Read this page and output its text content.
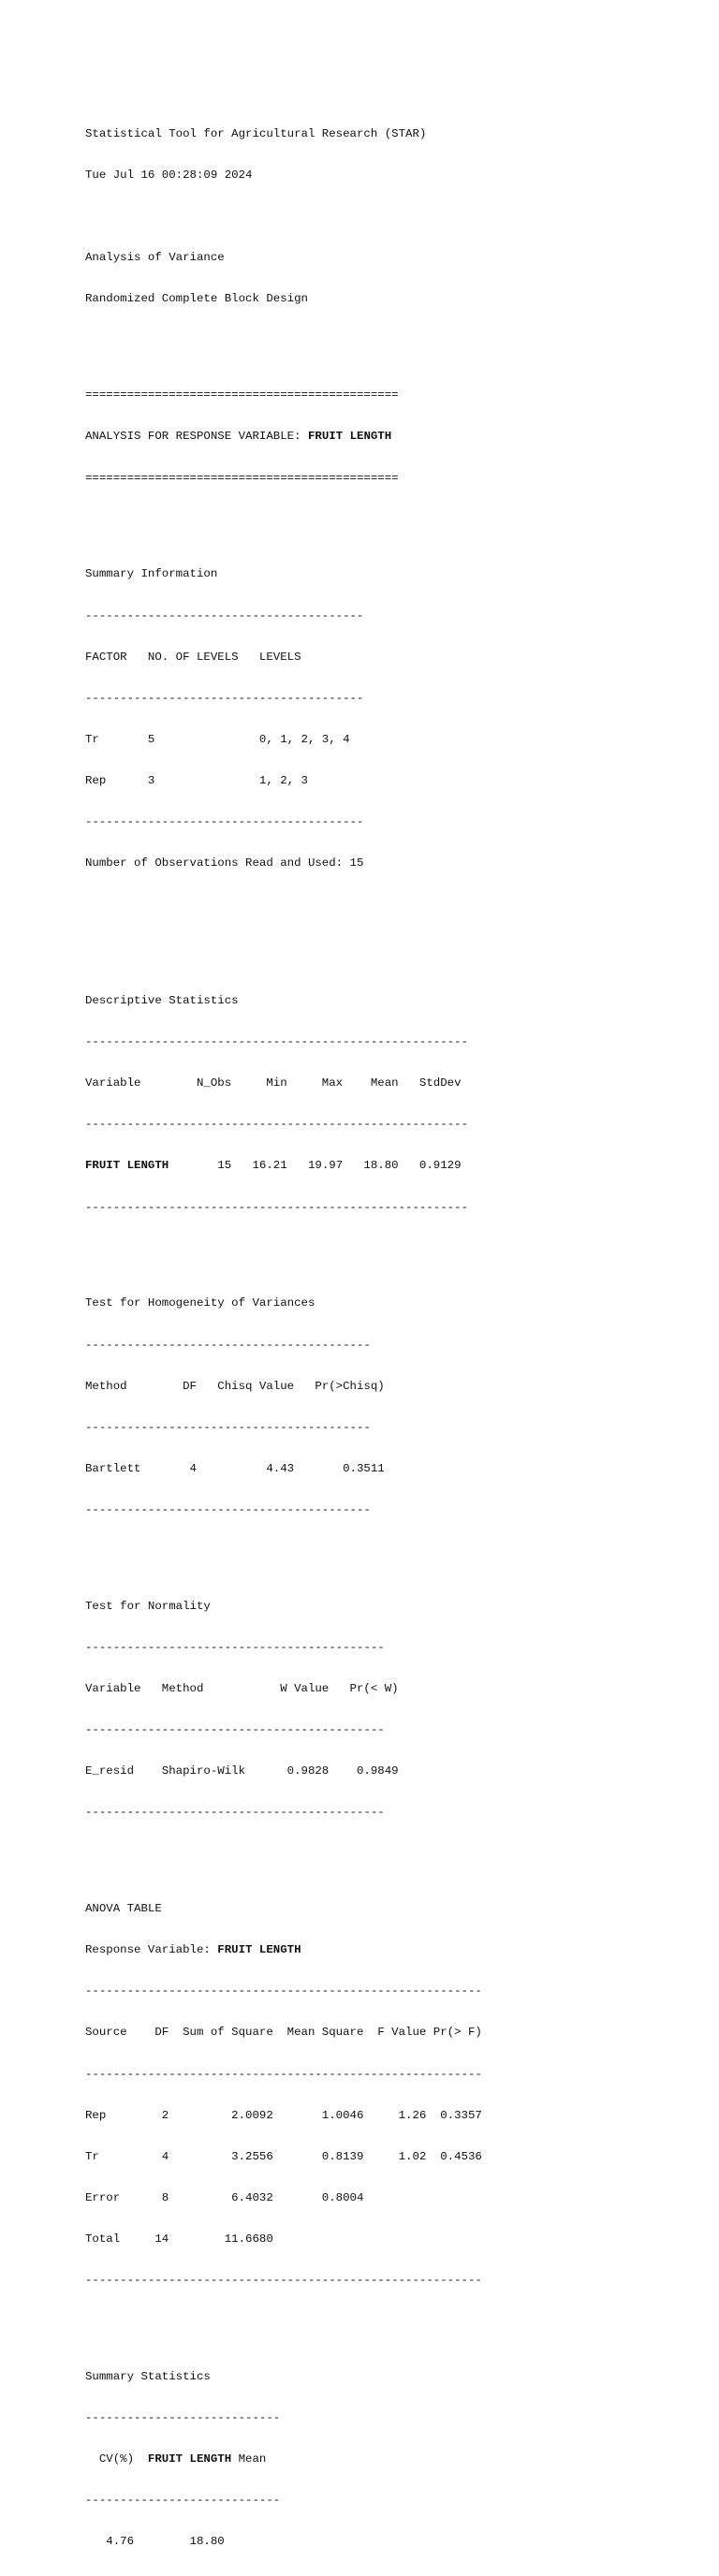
Statistical Tool for Agricultural Research (STAR)

Tue Jul 16 00:28:09 2024

Analysis of Variance

Randomized Complete Block Design

=============================================

ANALYSIS FOR RESPONSE VARIABLE: FRUIT LENGTH

=============================================

Summary Information

----------------------------------------

FACTOR   NO. OF LEVELS   LEVELS

----------------------------------------

Tr       5               0, 1, 2, 3, 4

Rep      3               1, 2, 3

----------------------------------------

Number of Observations Read and Used: 15

Descriptive Statistics

-------------------------------------------------------

Variable        N_Obs     Min     Max    Mean   StdDev

-------------------------------------------------------

FRUIT LENGTH       15   16.21   19.97   18.80   0.9129

-------------------------------------------------------

Test for Homogeneity of Variances

-----------------------------------------

Method        DF   Chisq Value   Pr(>Chisq)

-----------------------------------------

Bartlett       4          4.43       0.3511

-----------------------------------------

Test for Normality

-------------------------------------------

Variable   Method           W Value   Pr(< W)

-------------------------------------------

E_resid    Shapiro-Wilk      0.9828    0.9849

-------------------------------------------

ANOVA TABLE

Response Variable: FRUIT LENGTH

---------------------------------------------------------

Source    DF  Sum of Square  Mean Square  F Value Pr(> F)

---------------------------------------------------------

Rep        2         2.0092       1.0046     1.26  0.3357

Tr         4         3.2556       0.8139     1.02  0.4536

Error      8         6.4032       0.8004

Total     14        11.6680

---------------------------------------------------------

Summary Statistics

----------------------------

CV(%)  FRUIT LENGTH Mean

----------------------------

4.76        18.80
